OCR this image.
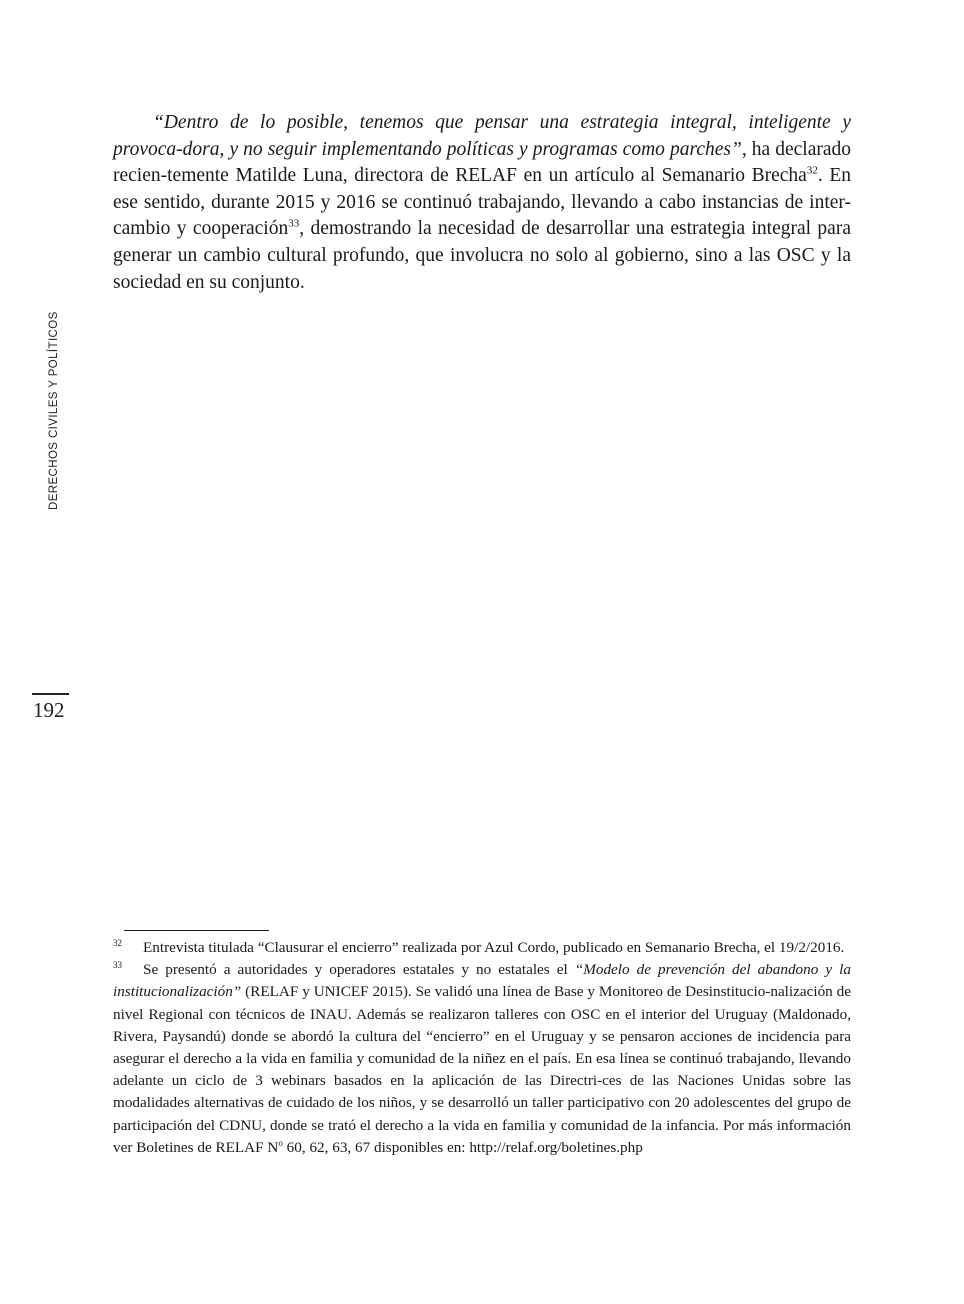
“Dentro de lo posible, tenemos que pensar una estrategia integral, inteligente y provoca-dora, y no seguir implementando políticas y programas como parches”, ha declarado recien-temente Matilde Luna, directora de RELAF en un artículo al Semanario Brecha$^{32}$. En ese sentido, durante 2015 y 2016 se continuó trabajando, llevando a cabo instancias de inter-cambio y cooperación$^{33}$, demostrando la necesidad de desarrollar una estrategia integral para generar un cambio cultural profundo, que involucra no solo al gobierno, sino a las OSC y la sociedad en su conjunto.

DERECHOS CIVILES Y POLÍTICOS
192

32 Entrevista titulada “Clausurar el encierro” realizada por Azul Cordo, publicado en Semanario Brecha, el 19/2/2016.

33 Se presentó a autoridades y operadores estatales y no estatales el “Modelo de prevención del abandono y la institucionalización” (RELAF y UNICEF 2015). Se validó una línea de Base y Monitoreo de Desinstitucio-nalización de nivel Regional con técnicos de INAU. Además se realizaron talleres con OSC en el interior del Uruguay (Maldonado, Rivera, Paysandú) donde se abordó la cultura del “encierro” en el Uruguay y se pensaron acciones de incidencia para asegurar el derecho a la vida en familia y comunidad de la niñez en el país. En esa línea se continuó trabajando, llevando adelante un ciclo de 3 webinars basados en la aplicación de las Directri-ces de las Naciones Unidas sobre las modalidades alternativas de cuidado de los niños, y se desarrolló un taller participativo con 20 adolescentes del grupo de participación del CDNU, donde se trató el derecho a la vida en familia y comunidad de la infancia. Por más información ver Boletines de RELAF N$^o$ 60, 62, 63, 67 disponibles en: http://relaf.org/boletines.php
